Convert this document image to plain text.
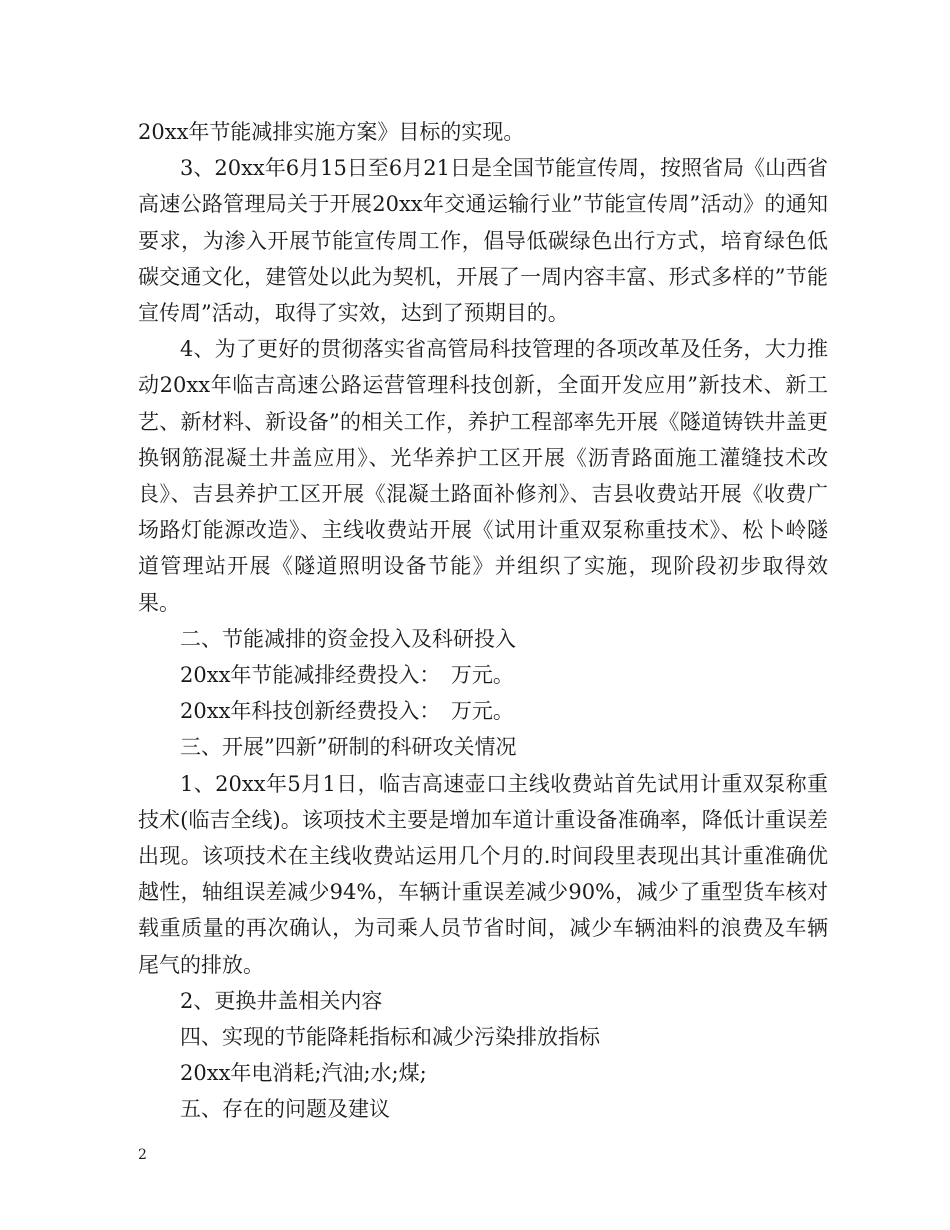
20xx年节能减排实施方案》目标的实现。

3、20xx年6月15日至6月21日是全国节能宣传周，按照省局《山西省高速公路管理局关于开展20xx年交通运输行业”节能宣传周”活动》的通知要求，为渗入开展节能宣传周工作，倡导低碳绿色出行方式，培育绿色低碳交通文化，建管处以此为契机，开展了一周内容丰富、形式多样的”节能宣传周”活动，取得了实效，达到了预期目的。

4、为了更好的贯彻落实省高管局科技管理的各项改革及任务，大力推动20xx年临吉高速公路运营管理科技创新，全面开发应用”新技术、新工艺、新材料、新设备”的相关工作，养护工程部率先开展《隧道铸铁井盖更换钢筋混凝土井盖应用》、光华养护工区开展《沥青路面施工灌缝技术改良》、吉县养护工区开展《混凝土路面补修剂》、吉县收费站开展《收费广场路灯能源改造》、主线收费站开展《试用计重双泵称重技术》、松卜岭隧道管理站开展《隧道照明设备节能》并组织了实施，现阶段初步取得效果。

二、节能减排的资金投入及科研投入

20xx年节能减排经费投入：　万元。

20xx年科技创新经费投入：　万元。

三、开展”四新”研制的科研攻关情况

1、20xx年5月1日，临吉高速壶口主线收费站首先试用计重双泵称重技术(临吉全线)。该项技术主要是增加车道计重设备准确率，降低计重误差出现。该项技术在主线收费站运用几个月的.时间段里表现出其计重准确优越性，轴组误差减少94%，车辆计重误差减少90%，减少了重型货车核对载重质量的再次确认，为司乘人员节省时间，减少车辆油料的浪费及车辆尾气的排放。

2、更换井盖相关内容

四、实现的节能降耗指标和减少污染排放指标

20xx年电消耗;汽油;水;煤;

五、存在的问题及建议

2
